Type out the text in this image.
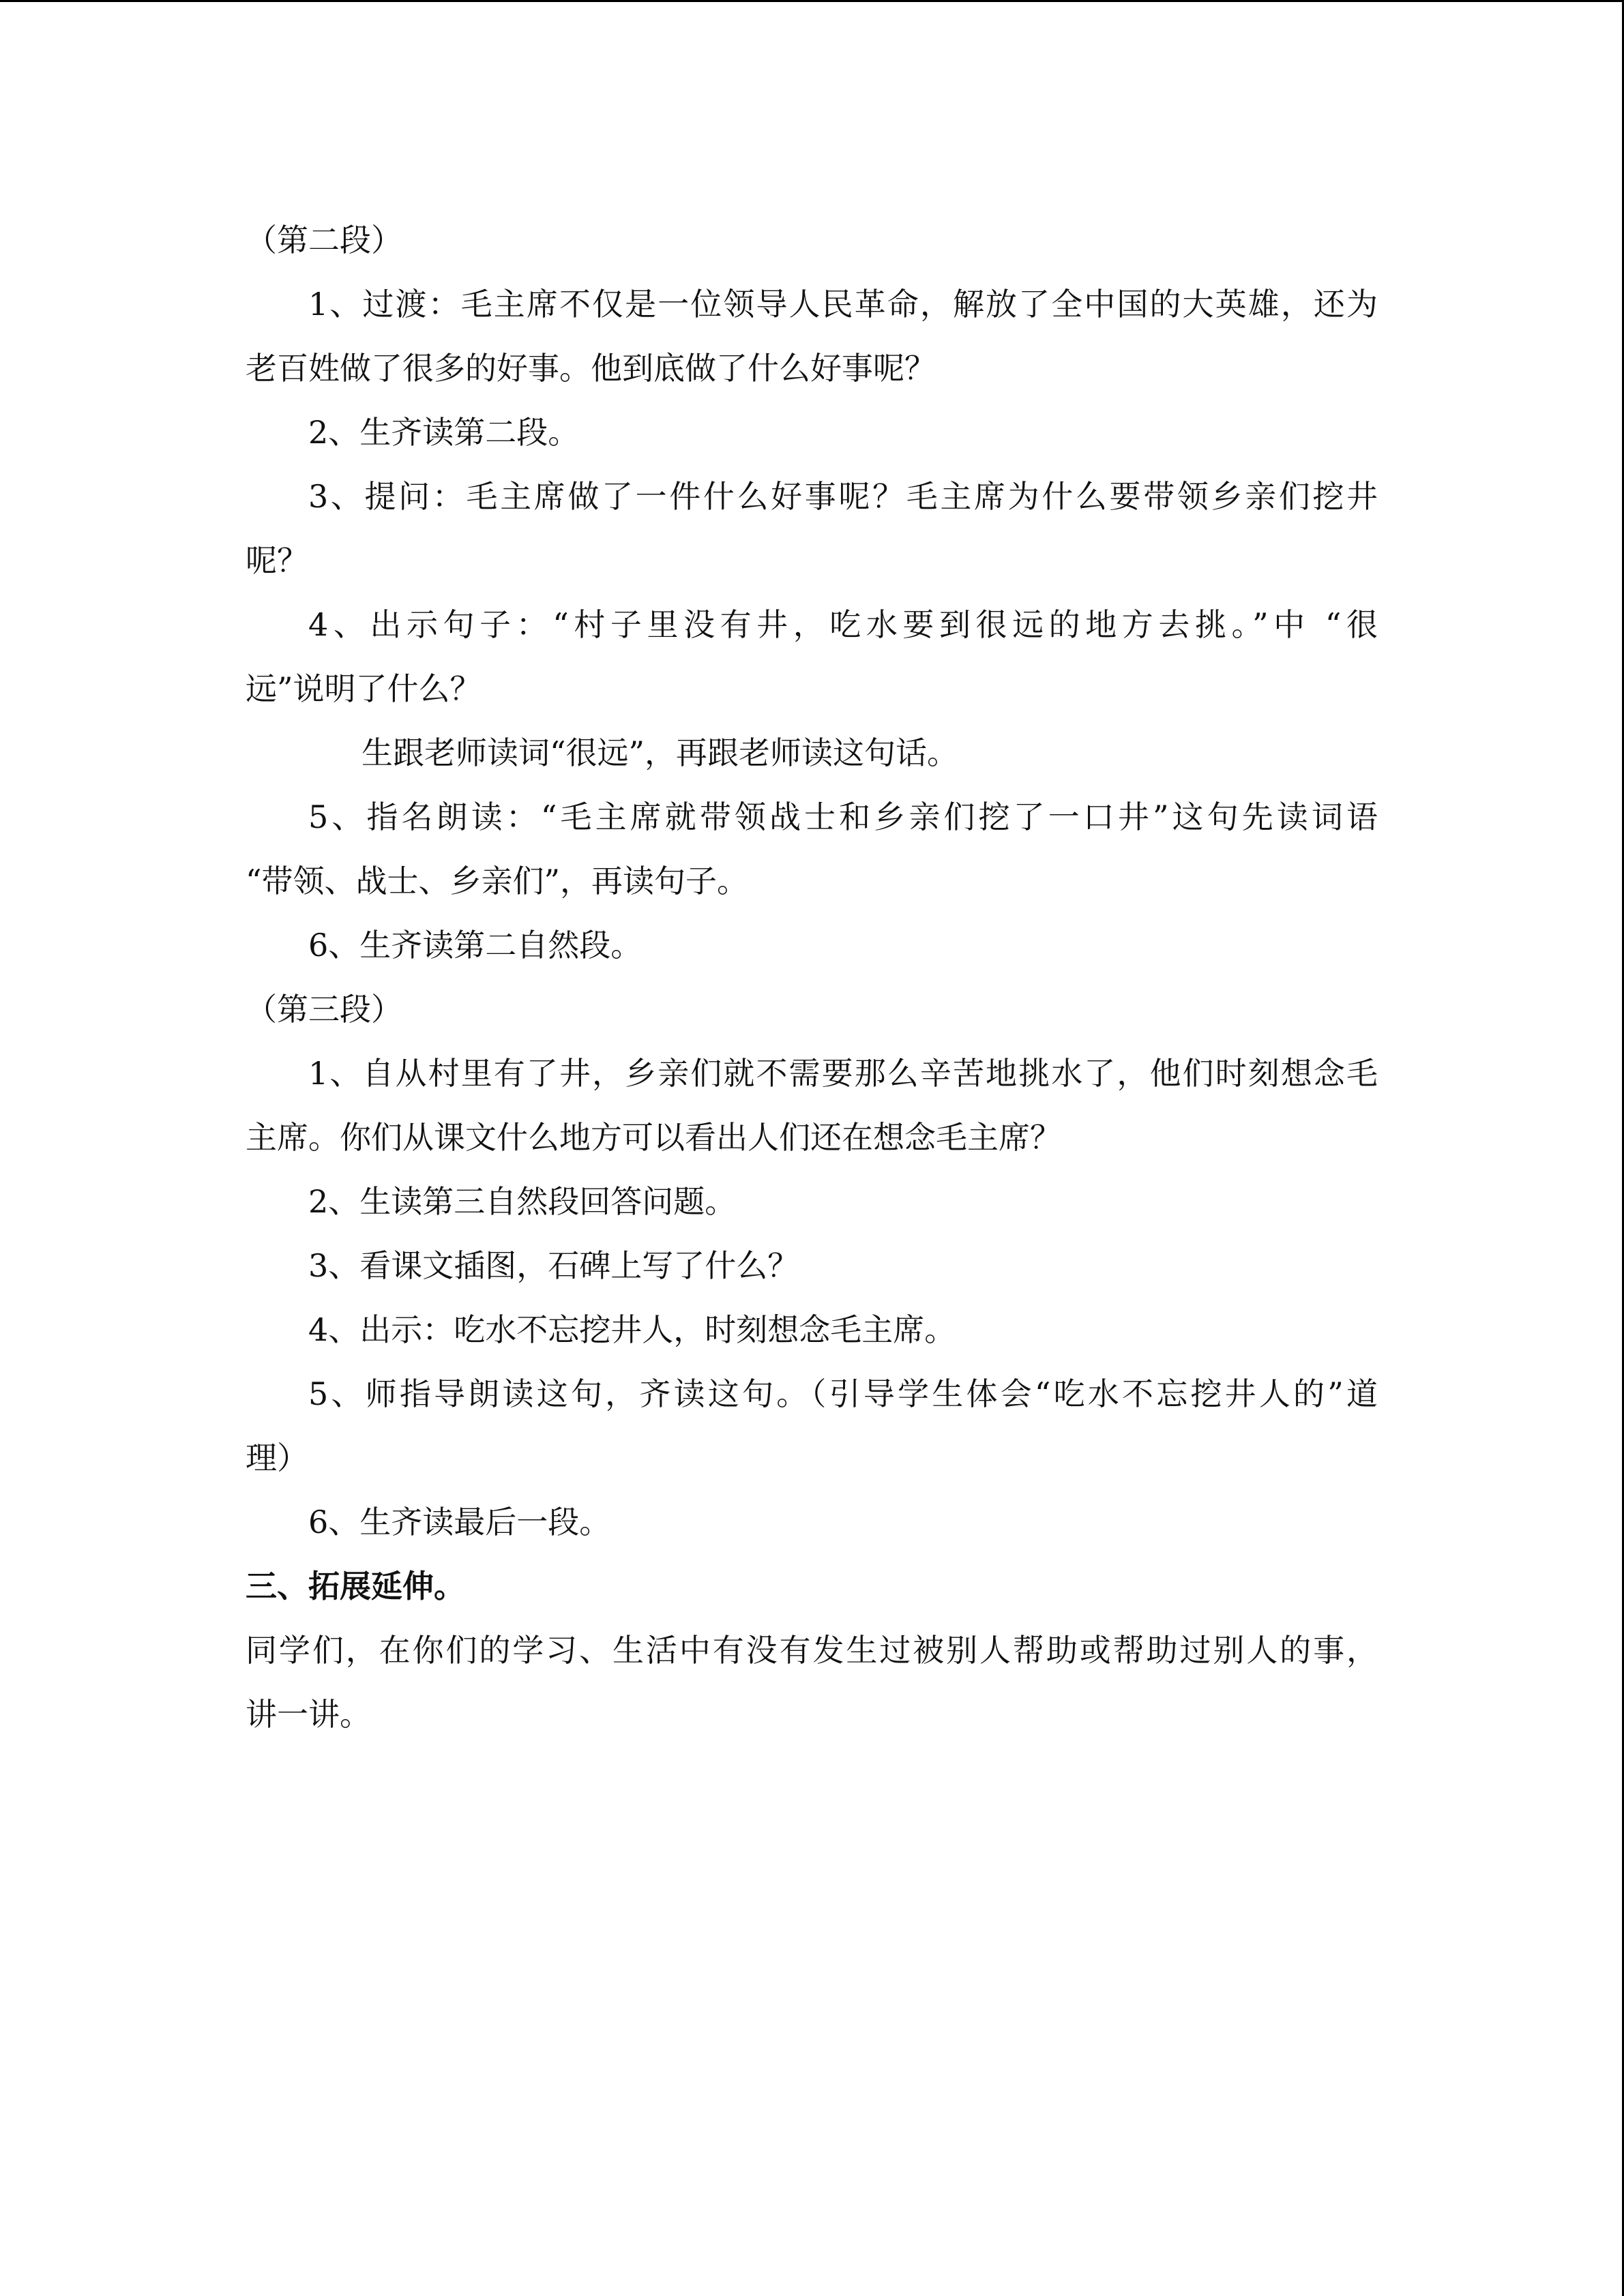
（第二段）
1、过渡：毛主席不仅是一位领导人民革命，解放了全中国的大英雄，还为
老百姓做了很多的好事。他到底做了什么好事呢？
2、生齐读第二段。
3、提问：毛主席做了一件什么好事呢？毛主席为什么要带领乡亲们挖井
呢？
4、出示句子：“村子里没有井，吃水要到很远的地方去挑。”中 “很
远”说明了什么？
生跟老师读词“很远”，再跟老师读这句话。
5、指名朗读：“毛主席就带领战士和乡亲们挖了一口井”这句先读词语
“带领、战士、乡亲们”，再读句子。
6、生齐读第二自然段。
（第三段）
1、自从村里有了井，乡亲们就不需要那么辛苦地挑水了，他们时刻想念毛
主席。你们从课文什么地方可以看出人们还在想念毛主席？
2、生读第三自然段回答问题。
3、看课文插图，石碑上写了什么？
4、出示：吃水不忘挖井人，时刻想念毛主席。
5、师指导朗读这句，齐读这句。（引导学生体会“吃水不忘挖井人的”道
理）
6、生齐读最后一段。
三、拓展延伸。
同学们，在你们的学习、生活中有没有发生过被别人帮助或帮助过别人的事，
讲一讲。
